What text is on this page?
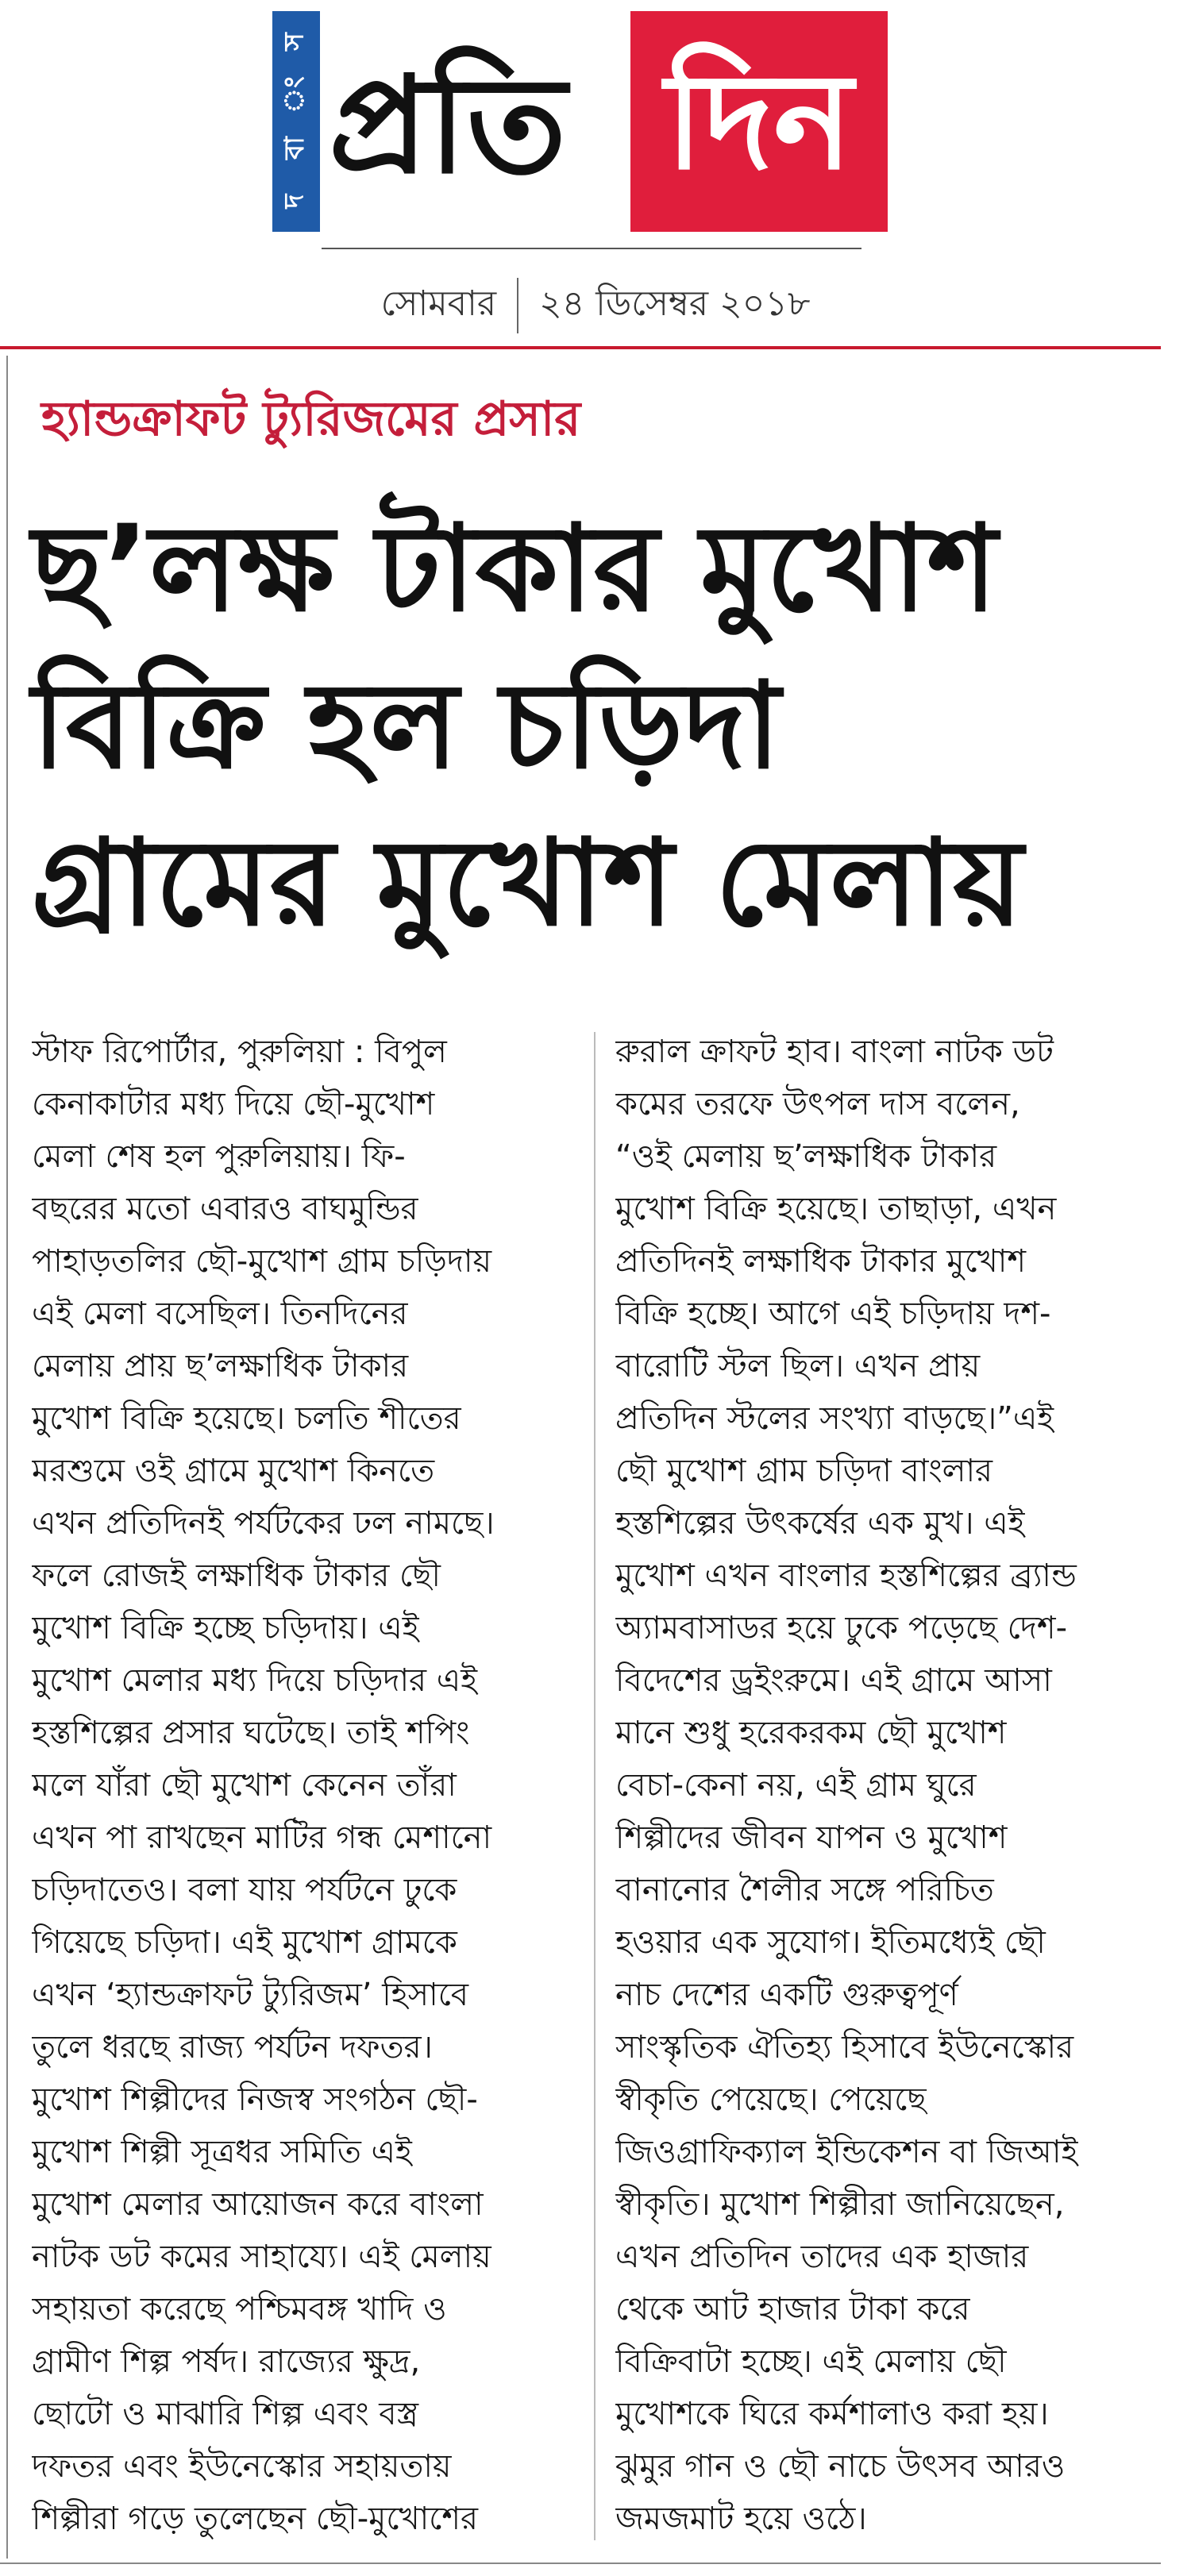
স
ং
বা
দ প্রতি দিন
সোমবার ২৪ ডিসেম্বর ২০১৮
হ্যান্ডক্রাফট ট্যুরিজমের প্রসার
ছ’লক্ষ টাকার মুখোশ
বিক্রি হল চড়িদা
গ্রামের মুখোশ মেলায়

স্টাফ রিপোর্টার, পুরুলিয়া : বিপুল

কেনাকাটার মধ্য দিয়ে ছৌ-মুখোশ

মেলা শেষ হল পুরুলিয়ায়। ফি-

বছরের মতো এবারও বাঘমুন্ডির

পাহাড়তলির ছৌ-মুখোশ গ্রাম চড়িদায়

এই মেলা বসেছিল। তিনদিনের

মেলায় প্রায় ছ’লক্ষাধিক টাকার

মুখোশ বিক্রি হয়েছে। চলতি শীতের

মরশুমে ওই গ্রামে মুখোশ কিনতে

এখন প্রতিদিনই পর্যটকের ঢল নামছে।

ফলে রোজই লক্ষাধিক টাকার ছৌ

মুখোশ বিক্রি হচ্ছে চড়িদায়। এই

মুখোশ মেলার মধ্য দিয়ে চড়িদার এই

হস্তশিল্পের প্রসার ঘটেছে। তাই শপিং

মলে যাঁরা ছৌ মুখোশ কেনেন তাঁরা

এখন পা রাখছেন মাটির গন্ধ মেশানো

চড়িদাতেও। বলা যায় পর্যটনে ঢুকে

গিয়েছে চড়িদা। এই মুখোশ গ্রামকে

এখন ‘হ্যান্ডক্রাফট ট্যুরিজম’ হিসাবে

তুলে ধরছে রাজ্য পর্যটন দফতর।

মুখোশ শিল্পীদের নিজস্ব সংগঠন ছৌ-

মুখোশ শিল্পী সূত্রধর সমিতি এই

মুখোশ মেলার আয়োজন করে বাংলা

নাটক ডট কমের সাহায্যে। এই মেলায়

সহায়তা করেছে পশ্চিমবঙ্গ খাদি ও

গ্রামীণ শিল্প পর্ষদ। রাজ্যের ক্ষুদ্র,

ছোটো ও মাঝারি শিল্প এবং বস্ত্র

দফতর এবং ইউনেস্কোর সহায়তায়

শিল্পীরা গড়ে তুলেছেন ছৌ-মুখোশের

রুরাল ক্রাফট হাব। বাংলা নাটক ডট

কমের তরফে উৎপল দাস বলেন,

“ওই মেলায় ছ’লক্ষাধিক টাকার

মুখোশ বিক্রি হয়েছে। তাছাড়া, এখন

প্রতিদিনই লক্ষাধিক টাকার মুখোশ

বিক্রি হচ্ছে। আগে এই চড়িদায় দশ-

বারোটি স্টল ছিল। এখন প্রায়

প্রতিদিন স্টলের সংখ্যা বাড়ছে।”এই

ছৌ মুখোশ গ্রাম চড়িদা বাংলার

হস্তশিল্পের উৎকর্ষের এক মুখ। এই

মুখোশ এখন বাংলার হস্তশিল্পের ব্র্যান্ড

অ্যামবাসাডর হয়ে ঢুকে পড়েছে দেশ-

বিদেশের ড্রইংরুমে। এই গ্রামে আসা

মানে শুধু হরেকরকম ছৌ মুখোশ

বেচা-কেনা নয়, এই গ্রাম ঘুরে

শিল্পীদের জীবন যাপন ও মুখোশ

বানানোর শৈলীর সঙ্গে পরিচিত

হওয়ার এক সুযোগ। ইতিমধ্যেই ছৌ

নাচ দেশের একটি গুরুত্বপূর্ণ

সাংস্কৃতিক ঐতিহ্য হিসাবে ইউনেস্কোর

স্বীকৃতি পেয়েছে। পেয়েছে

জিওগ্রাফিক্যাল ইন্ডিকেশন বা জিআই

স্বীকৃতি। মুখোশ শিল্পীরা জানিয়েছেন,

এখন প্রতিদিন তাদের এক হাজার

থেকে আট হাজার টাকা করে

বিক্রিবাটা হচ্ছে। এই মেলায় ছৌ

মুখোশকে ঘিরে কর্মশালাও করা হয়।

ঝুমুর গান ও ছৌ নাচে উৎসব আরও

জমজমাট হয়ে ওঠে।
